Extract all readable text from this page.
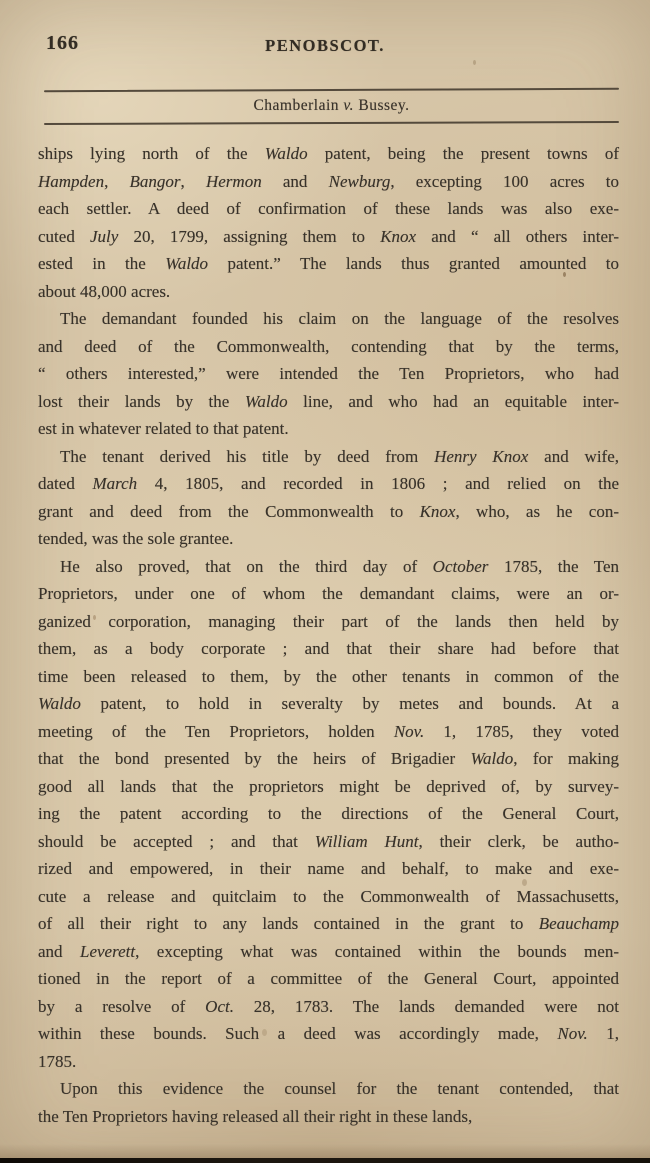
166	PENOBSCOT.
Chamberlain v. Bussey.
ships lying north of the Waldo patent, being the present towns of
Hampden, Bangor, Hermon and Newburg, excepting 100 acres to
each settler. A deed of confirmation of these lands was also exe-
cuted July 20, 1799, assigning them to Knox and “ all others inter-
ested in the Waldo patent.” The lands thus granted amounted to
about 48,000 acres.
The demandant founded his claim on the language of the resolves
and deed of the Commonwealth, contending that by the terms,
“ others interested,” were intended the Ten Proprietors, who had
lost their lands by the Waldo line, and who had an equitable inter-
est in whatever related to that patent.
The tenant derived his title by deed from Henry Knox and wife,
dated March 4, 1805, and recorded in 1806 ; and relied on the
grant and deed from the Commonwealth to Knox, who, as he con-
tended, was the sole grantee.
He also proved, that on the third day of October 1785, the Ten
Proprietors, under one of whom the demandant claims, were an or-
ganized corporation, managing their part of the lands then held by
them, as a body corporate ; and that their share had before that
time been released to them, by the other tenants in common of the
Waldo patent, to hold in severalty by metes and bounds. At a
meeting of the Ten Proprietors, holden Nov. 1, 1785, they voted
that the bond presented by the heirs of Brigadier Waldo, for making
good all lands that the proprietors might be deprived of, by survey-
ing the patent according to the directions of the General Court,
should be accepted ; and that William Hunt, their clerk, be autho-
rized and empowered, in their name and behalf, to make and exe-
cute a release and quitclaim to the Commonwealth of Massachusetts,
of all their right to any lands contained in the grant to Beauchamp
and Leverett, excepting what was contained within the bounds men-
tioned in the report of a committee of the General Court, appointed
by a resolve of Oct. 28, 1783. The lands demanded were not
within these bounds. Such a deed was accordingly made, Nov. 1,
1785.
Upon this evidence the counsel for the tenant contended, that
the Ten Proprietors having released all their right in these lands,
